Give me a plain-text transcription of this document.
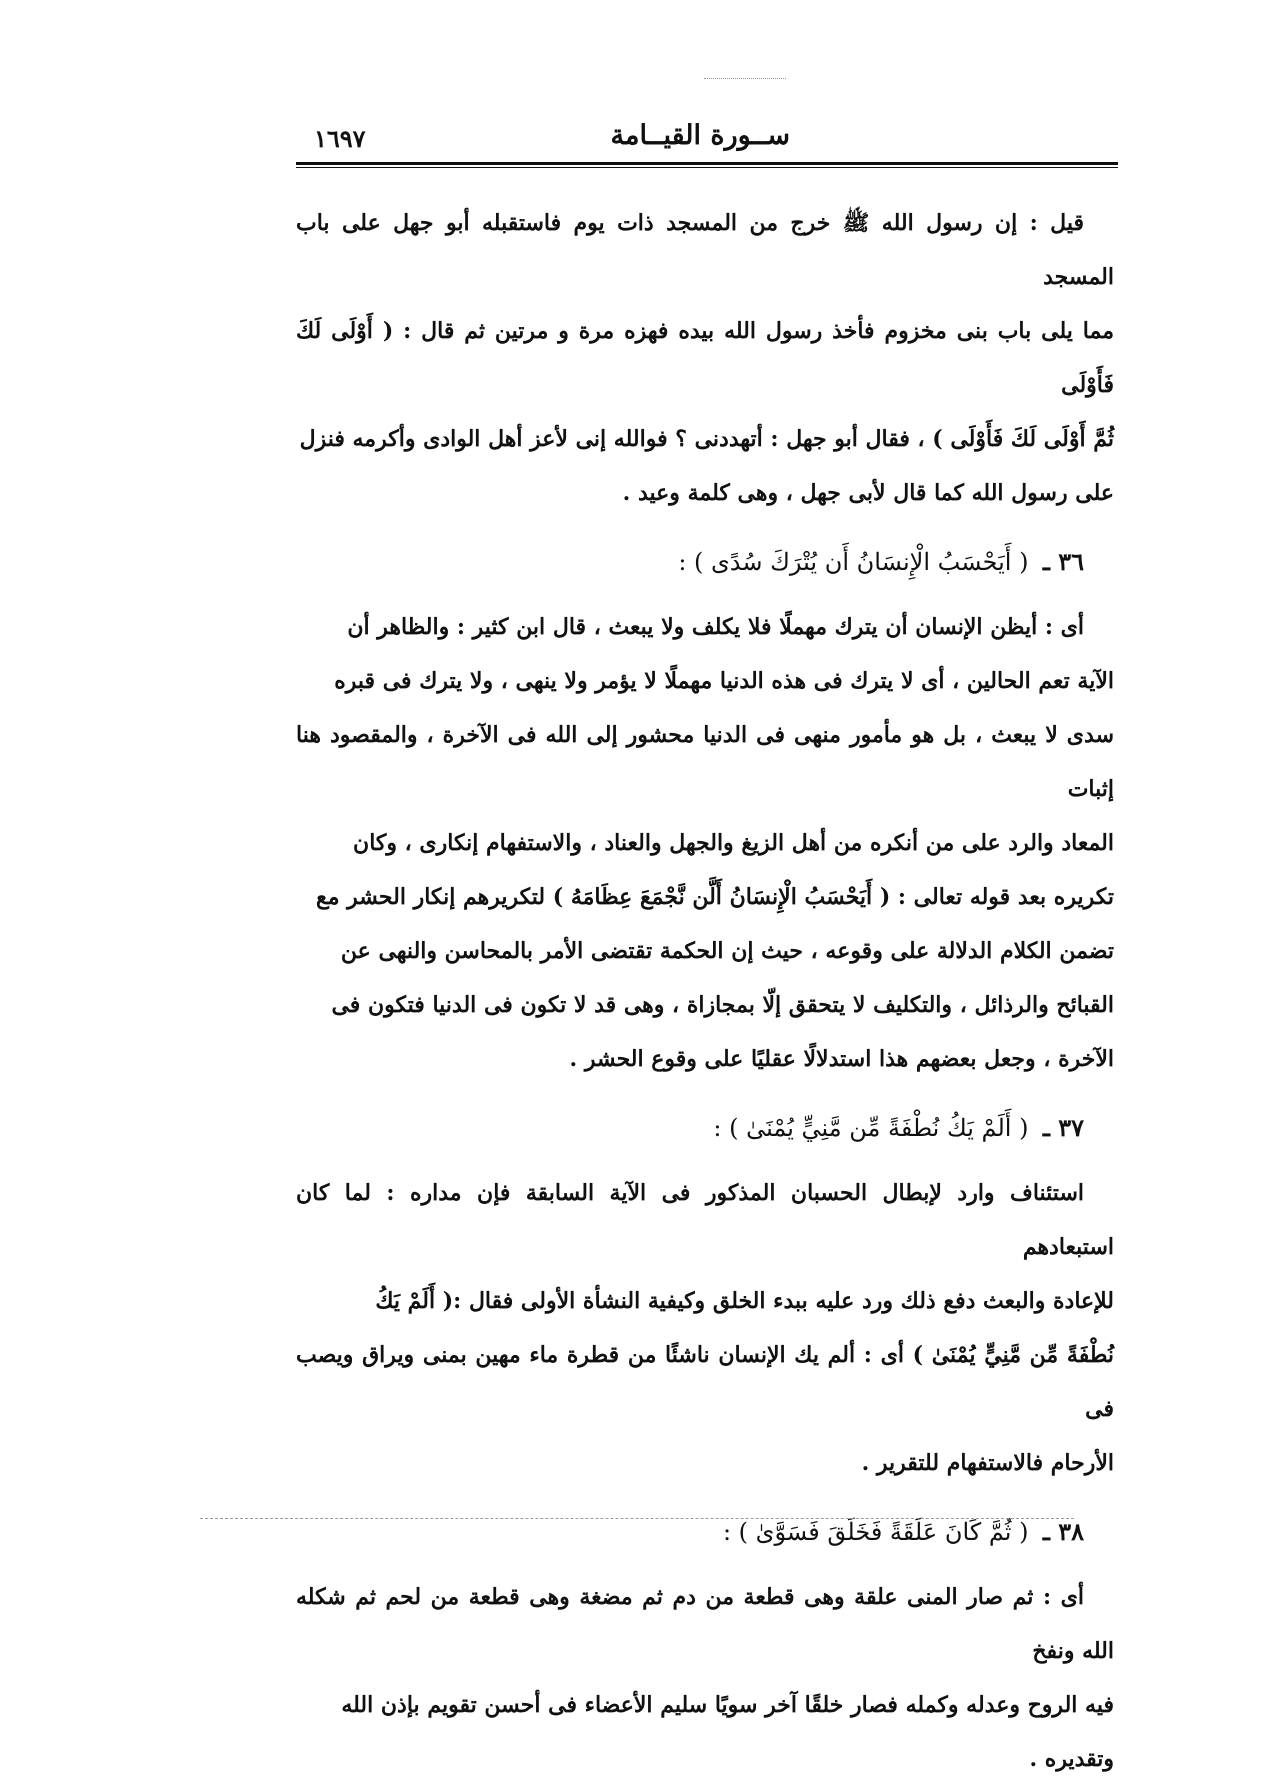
ســورة القيــامة
١٦٩٧

قيل : إن رسول الله ﷺ خرج من المسجد ذات يوم فاستقبله أبو جهل على باب المسجد

مما يلى باب بنى مخزوم فأخذ رسول الله بيده فهزه مرة و مرتين ثم قال : ( أَوْلَى لَكَ فَأَوْلَى

ثُمَّ أَوْلَى لَكَ فَأَوْلَى ) ، فقال أبو جهل : أتهددنى ؟ فوالله إنى لأعز أهل الوادى وأكرمه فنزل

على رسول الله كما قال لأبى جهل ، وهى كلمة وعيد .

٣٦ ـ ( أَيَحْسَبُ الْإِنسَانُ أَن يُتْرَكَ سُدًى ) :

أى : أيظن الإنسان أن يترك مهملًا فلا يكلف ولا يبعث ، قال ابن كثير : والظاهر أن

الآية تعم الحالين ، أى لا يترك فى هذه الدنيا مهملًا لا يؤمر ولا ينهى ، ولا يترك فى قبره

سدى لا يبعث ، بل هو مأمور منهى فى الدنيا محشور إلى الله فى الآخرة ، والمقصود هنا إثبات

المعاد والرد على من أنكره من أهل الزيغ والجهل والعناد ، والاستفهام إنكارى ، وكان

تكريره بعد قوله تعالى : ( أَيَحْسَبُ الْإِنسَانُ أَلَّن نَّجْمَعَ عِظَامَهُ ) لتكريرهم إنكار الحشر مع

تضمن الكلام الدلالة على وقوعه ، حيث إن الحكمة تقتضى الأمر بالمحاسن والنهى عن

القبائح والرذائل ، والتكليف لا يتحقق إلّا بمجازاة ، وهى قد لا تكون فى الدنيا فتكون فى

الآخرة ، وجعل بعضهم هذا استدلالًا عقليًا على وقوع الحشر .

٣٧ ـ ( أَلَمْ يَكُ نُطْفَةً مِّن مَّنِيٍّ يُمْنَىٰ ) :

استئناف وارد لإبطال الحسبان المذكور فى الآية السابقة فإن مداره : لما كان استبعادهم

للإعادة والبعث دفع ذلك ورد عليه ببدء الخلق وكيفية النشأة الأولى فقال :( أَلَمْ يَكُ

نُطْفَةً مِّن مَّنِيٍّ يُمْنَىٰ ) أى : ألم يك الإنسان ناشئًا من قطرة ماء مهين بمنى ويراق ويصب فى

الأرحام فالاستفهام للتقرير .

٣٨ ـ ( ثُمَّ كَانَ عَلَقَةً فَخَلَقَ فَسَوَّىٰ ) :

أى : ثم صار المنى علقة وهى قطعة من دم ثم مضغة وهى قطعة من لحم ثم شكله الله ونفخ

فيه الروح وعدله وكمله فصار خلقًا آخر سويًا سليم الأعضاء فى أحسن تقويم بإذن الله

وتقديره .
